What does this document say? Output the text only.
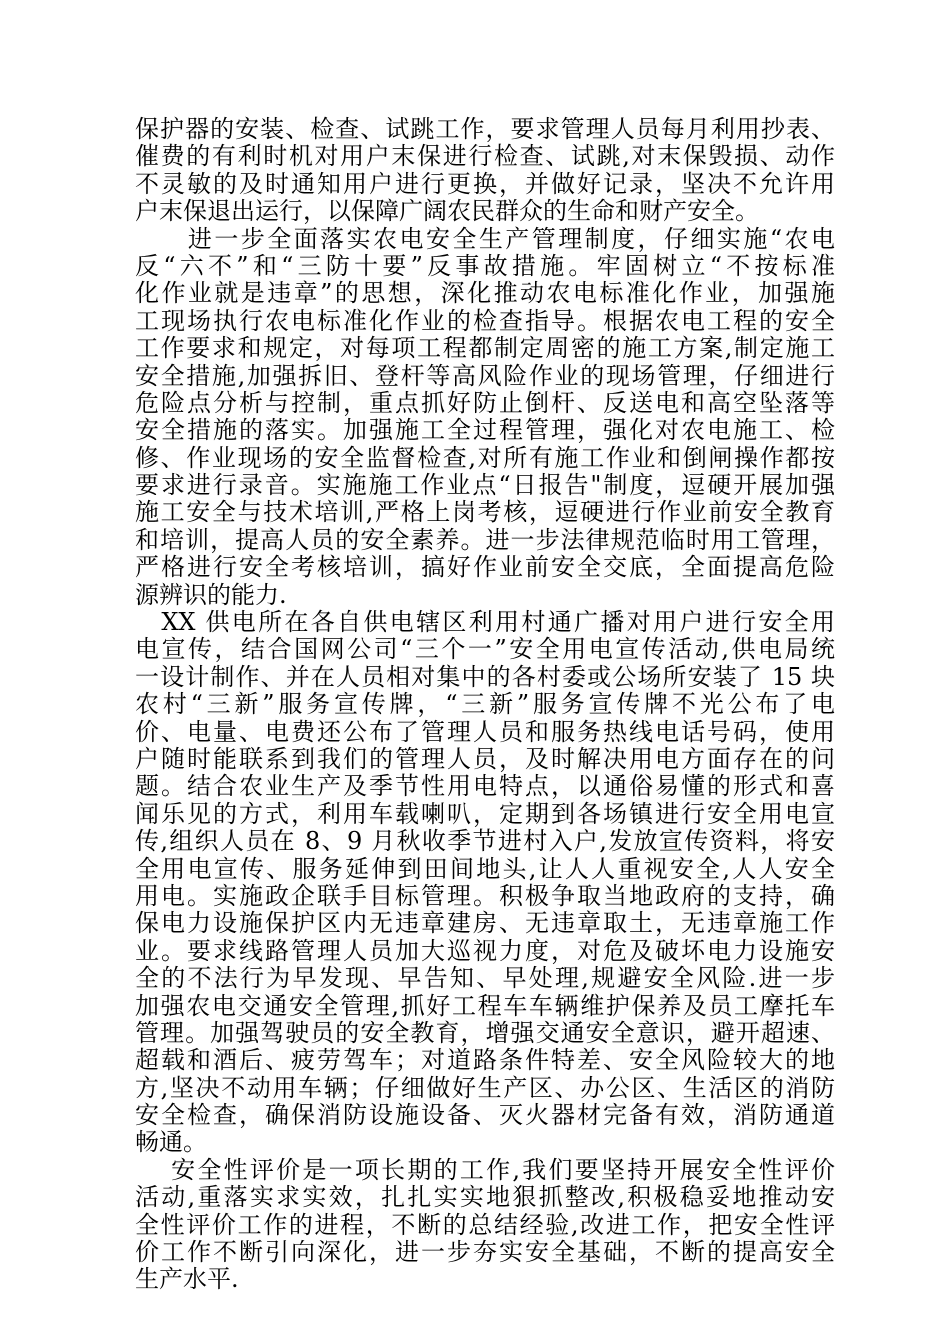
保护器的安装、检查、试跳工作，要求管理人员每月利用抄表、
催费的有利时机对用户末保进行检查、试跳,对末保毁损、动作
不灵敏的及时通知用户进行更换，并做好记录，坚决不允许用
户末保退出运行，以保障广阔农民群众的生命和财产安全。
　　进一步全面落实农电安全生产管理制度，仔细实施“农电
反“六不”和“三防十要”反事故措施。牢固树立“不按标准
化作业就是违章”的思想，深化推动农电标准化作业，加强施
工现场执行农电标准化作业的检查指导。根据农电工程的安全
工作要求和规定，对每项工程都制定周密的施工方案,制定施工
安全措施,加强拆旧、登杆等高风险作业的现场管理，仔细进行
危险点分析与控制，重点抓好防止倒杆、反送电和高空坠落等
安全措施的落实。加强施工全过程管理，强化对农电施工、检
修、作业现场的安全监督检查,对所有施工作业和倒闸操作都按
要求进行录音。实施施工作业点“日报告"制度，逗硬开展加强
施工安全与技术培训,严格上岗考核，逗硬进行作业前安全教育
和培训，提高人员的安全素养。进一步法律规范临时用工管理，
严格进行安全考核培训，搞好作业前安全交底，全面提高危险
源辨识的能力.
　XX 供电所在各自供电辖区利用村通广播对用户进行安全用
电宣传，结合国网公司“三个一”安全用电宣传活动,供电局统
一设计制作、并在人员相对集中的各村委或公场所安装了 15 块
农村“三新”服务宣传牌，“三新”服务宣传牌不光公布了电
价、电量、电费还公布了管理人员和服务热线电话号码，使用
户随时能联系到我们的管理人员，及时解决用电方面存在的问
题。结合农业生产及季节性用电特点，以通俗易懂的形式和喜
闻乐见的方式，利用车载喇叭，定期到各场镇进行安全用电宣
传,组织人员在 8、9 月秋收季节进村入户,发放宣传资料，将安
全用电宣传、服务延伸到田间地头,让人人重视安全,人人安全
用电。实施政企联手目标管理。积极争取当地政府的支持，确
保电力设施保护区内无违章建房、无违章取土，无违章施工作
业。要求线路管理人员加大巡视力度，对危及破坏电力设施安
全的不法行为早发现、早告知、早处理,规避安全风险.进一步
加强农电交通安全管理,抓好工程车车辆维护保养及员工摩托车
管理。加强驾驶员的安全教育，增强交通安全意识，避开超速、
超载和酒后、疲劳驾车；对道路条件特差、安全风险较大的地
方,坚决不动用车辆；仔细做好生产区、办公区、生活区的消防
安全检查，确保消防设施设备、灭火器材完备有效，消防通道
畅通。
　 安全性评价是一项长期的工作,我们要坚持开展安全性评价
活动,重落实求实效，扎扎实实地狠抓整改,积极稳妥地推动安
全性评价工作的进程，不断的总结经验,改进工作，把安全性评
价工作不断引向深化，进一步夯实安全基础，不断的提高安全
生产水平.
